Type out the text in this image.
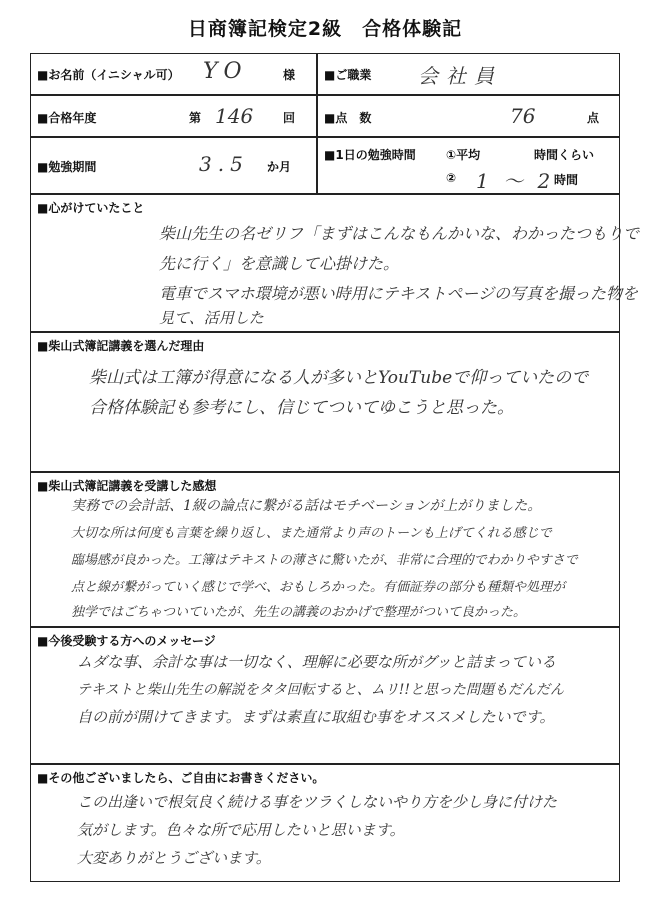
日商簿記検定2級　合格体験記
■お名前（イニシャル可） YO	様 ■ご職業 会社員
■合格年度	第 146 回 ■点　数	76	点
■勉強期間	3.5 か月
■1日の勉強時間	①平均	時間くらい
② 1 ～ 2 時間
■心がけていたこと
柴山先生の名ゼリフ「まずはこんなもんかいな、わかったつもりで
先に行く」を意識して心掛けた。
電車でスマホ環境が悪い時用にテキストページの写真を撮った物を
見て、活用した
■柴山式簿記講義を選んだ理由
柴山式は工簿が得意になる人が多いとYouTubeで仰っていたので
合格体験記も参考にし、信じてついてゆこうと思った。
■柴山式簿記講義を受講した感想
実務での会計話、1級の論点に繋がる話はモチベーションが上がりました。
大切な所は何度も言葉を繰り返し、また通常より声のトーンも上げてくれる感じで
臨場感が良かった。工簿はテキストの薄さに驚いたが、非常に合理的でわかりやすさで
点と線が繋がっていく感じで学べ、おもしろかった。有価証券の部分も種類や処理が
独学ではごちゃついていたが、先生の講義のおかげで整理がついて良かった。
■今後受験する方へのメッセージ
ムダな事、余計な事は一切なく、理解に必要な所がグッと詰まっている
テキストと柴山先生の解説をタタ回転すると、ムリ!!と思った問題もだんだん
自の前が開けてきます。まずは素直に取組む事をオススメしたいです。
■その他ございましたら、ご自由にお書きください。
この出逢いで根気良く続ける事をツラくしないやり方を少し身に付けた
気がします。色々な所で応用したいと思います。
大変ありがとうございます。
